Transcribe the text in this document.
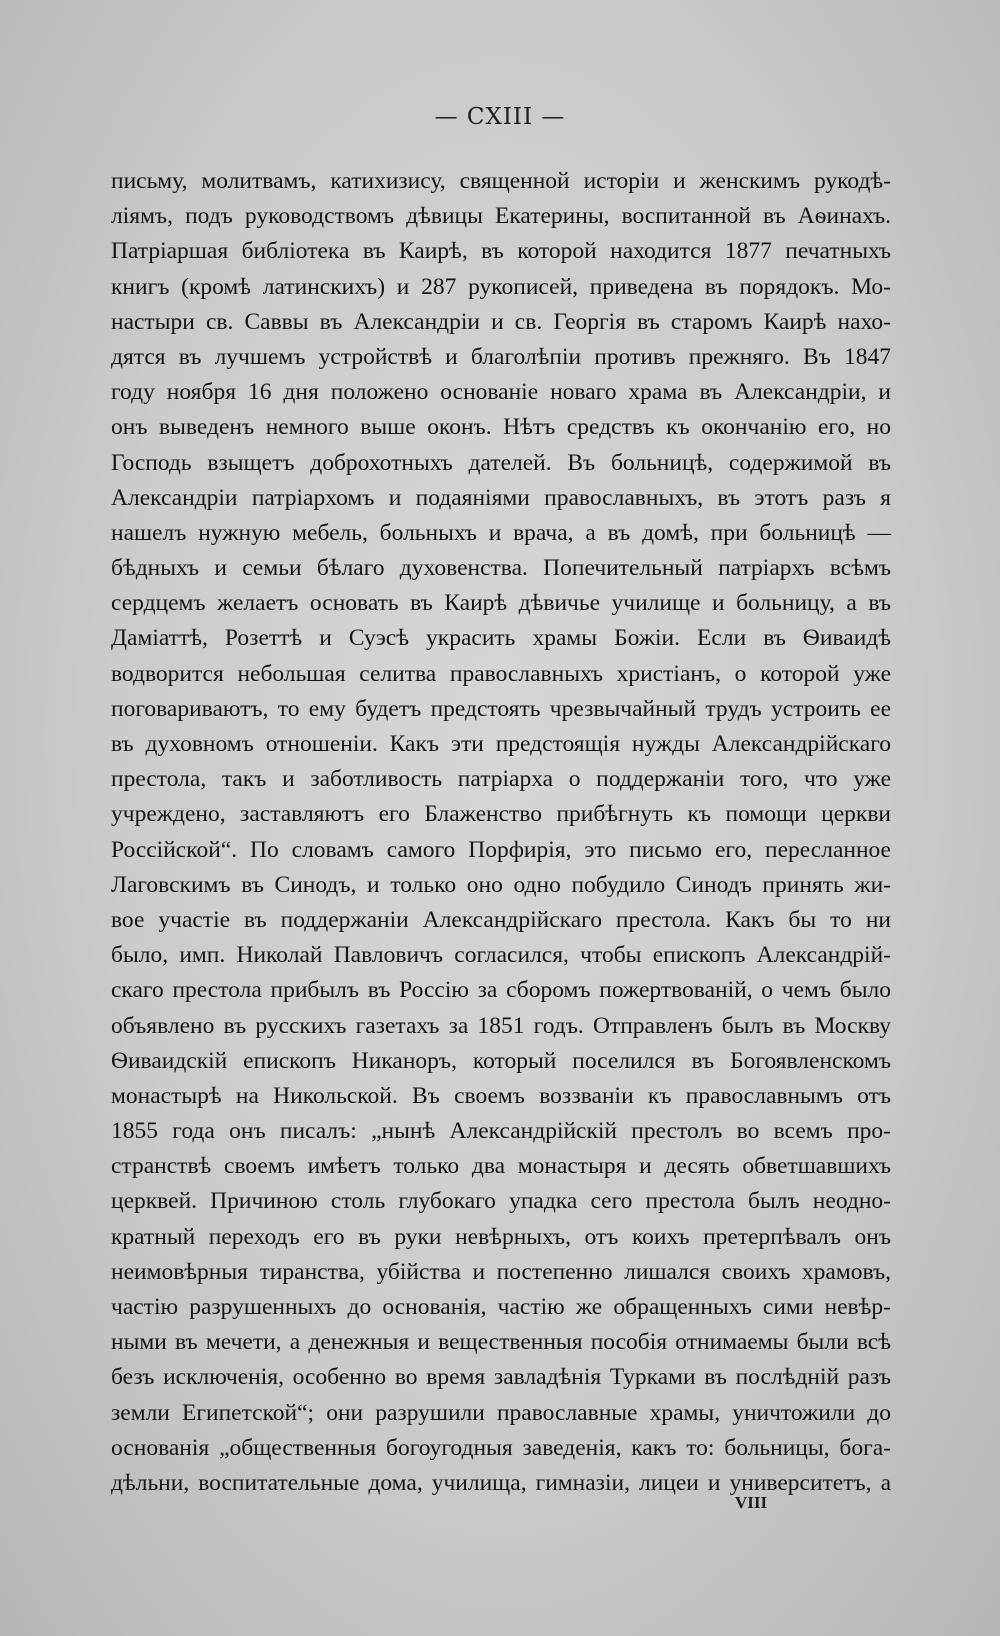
— CXIII —
письму, молитвамъ, катихизису, священной исторіи и женскимъ рукодѣ-
ліямъ, подъ руководствомъ дѣвицы Екатерины, воспитанной въ Аѳинахъ.
Патріаршая библіотека въ Каирѣ, въ которой находится 1877 печатныхъ
книгъ (кромѣ латинскихъ) и 287 рукописей, приведена въ порядокъ. Мо-
настыри св. Саввы въ Александріи и св. Георгія въ старомъ Каирѣ нахо-
дятся въ лучшемъ устройствѣ и благолѣпіи противъ прежняго. Въ 1847
году ноября 16 дня положено основаніе новаго храма въ Александріи, и
онъ выведенъ немного выше оконъ. Нѣтъ средствъ къ окончанію его, но
Господь взыщетъ доброхотныхъ дателей. Въ больницѣ, содержимой въ
Александріи патріархомъ и подаяніями православныхъ, въ этотъ разъ я
нашелъ нужную мебель, больныхъ и врача, а въ домѣ, при больницѣ —
бѣдныхъ и семьи бѣлаго духовенства. Попечительный патріархъ всѣмъ
сердцемъ желаетъ основать въ Каирѣ дѣвичье училище и больницу, а въ
Даміаттѣ, Розеттѣ и Суэсѣ украсить храмы Божіи. Если въ Ѳиваидѣ
водворится небольшая селитва православныхъ христіанъ, о которой уже
поговариваютъ, то ему будетъ предстоять чрезвычайный трудъ устроить ее
въ духовномъ отношеніи. Какъ эти предстоящія нужды Александрійскаго
престола, такъ и заботливость патріарха о поддержаніи того, что уже
учреждено, заставляютъ его Блаженство прибѣгнуть къ помощи церкви
Россійской“. По словамъ самого Порфирія, это письмо его, пересланное
Лаговскимъ въ Синодъ, и только оно одно побудило Синодъ принять жи-
вое участіе въ поддержаніи Александрійскаго престола. Какъ бы то ни
было, имп. Николай Павловичъ согласился, чтобы епископъ Александрій-
скаго престола прибылъ въ Россію за сборомъ пожертвованій, о чемъ было
объявлено въ русскихъ газетахъ за 1851 годъ. Отправленъ былъ въ Москву
Ѳиваидскій епископъ Никаноръ, который поселился въ Богоявленскомъ
монастырѣ на Никольской. Въ своемъ воззваніи къ православнымъ отъ
1855 года онъ писалъ: „нынѣ Александрійскій престолъ во всемъ про-
странствѣ своемъ имѣетъ только два монастыря и десять обветшавшихъ
церквей. Причиною столь глубокаго упадка сего престола былъ неодно-
кратный переходъ его въ руки невѣрныхъ, отъ коихъ претерпѣвалъ онъ
неимовѣрныя тиранства, убійства и постепенно лишался своихъ храмовъ,
частію разрушенныхъ до основанія, частію же обращенныхъ сими невѣр-
ными въ мечети, а денежныя и вещественныя пособія отнимаемы были всѣ
безъ исключенія, особенно во время завладѣнія Турками въ послѣдній разъ
земли Египетской“; они разрушили православные храмы, уничтожили до
основанія „общественныя богоугодныя заведенія, какъ то: больницы, бога-
дѣльни, воспитательные дома, училища, гимназіи, лицеи и университетъ, а
VIII
